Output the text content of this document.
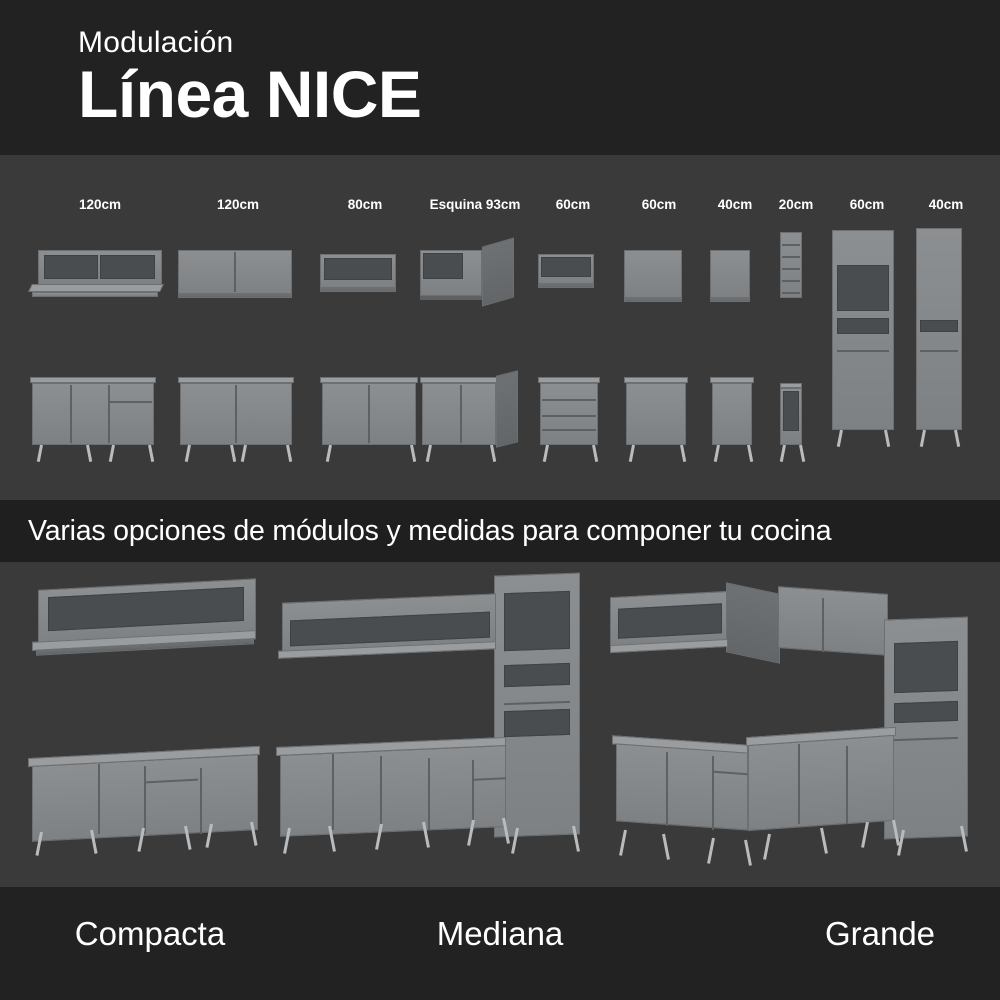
Modulación
Línea NICE
120cm	120cm	80cm	Esquina 93cm	60cm	60cm	40cm	20cm	60cm	40cm
Varias opciones de módulos y medidas para componer tu cocina
Compacta	Mediana	Grande
